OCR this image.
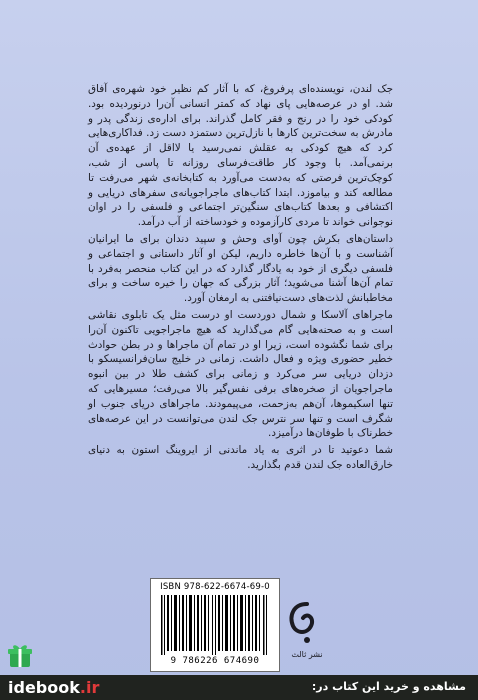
جک لندن، نویسنده‌ای پرفروغ، که با آثار کم نظیر خود شهره‌ی آفاق شد. او در عرصه‌هایی پای نهاد که کمتر انسانی آن‌را درنوردیده بود. کودکی خود را در رنج و فقر کامل گذراند. برای اداره‌ی زندگی پدر و مادرش به سخت‌ترین کارها با نازل‌ترین دستمزد دست زد. فداکاری‌هایی کرد که هیچ کودکی به عقلش نمی‌رسید یا لااقل از عهده‌ی آن برنمی‌آمد. با وجود کار طاقت‌فرسای روزانه تا پاسی از شب، کوچک‌ترین فرصتی که به‌دست می‌آورد به کتابخانه‌ی شهر می‌رفت تا مطالعه کند و بیاموزد. ابتدا کتاب‌های ماجراجویانه‌ی سفرهای دریایی و اکتشافی و بعدها کتاب‌های سنگین‌تر اجتماعی و فلسفی را در اوان نوجوانی خواند تا مردی کارآزموده و خودساخته از آب درآمد.

داستان‌های بکرش چون آوای وحش و سپید دندان برای ما ایرانیان آشناست و با آن‌ها خاطره داریم، لیکن او آثار داستانی و اجتماعی و فلسفی دیگری از خود به یادگار گذارد که در این کتاب منحصر به‌فرد با تمام آن‌ها آشنا می‌شوید؛ آثار بزرگی که جهان را خیره ساخت و برای مخاطبانش لذت‌های دست‌نیافتنی به ارمغان آورد.

ماجراهای آلاسکا و شمال دوردست او درست مثل یک تابلوی نقاشی است و به صحنه‌هایی گام می‌گذارید که هیچ ماجراجویی تاکنون آن‌را برای شما نگشوده است، زیرا او در تمام آن ماجراها و در بطن حوادث خطیر حضوری ویژه و فعال داشت. زمانی در خلیج سان‌فرانسیسکو با دزدان دریایی سر می‌کرد و زمانی برای کشف طلا در بین انبوه ماجراجویان از صخره‌های برفی نفس‌گیر بالا می‌رفت؛ مسیرهایی که تنها اسکیموها، آن‌هم به‌زحمت، می‌پیمودند. ماجراهای دریای جنوب او شگرف است و تنها سر نترس جک لندن می‌توانست در این عرصه‌های خطرناک با طوفان‌ها درآمیزد.

شما دعوتید تا در اثری به یاد ماندنی از ایروینگ استون به دنیای خارق‌العاده جک لندن قدم بگذارید.

ISBN 978-622-6674-69-0
9 786226 674690
نشر ثالث
idebook.ir	مشاهده و خرید این کتاب در:
